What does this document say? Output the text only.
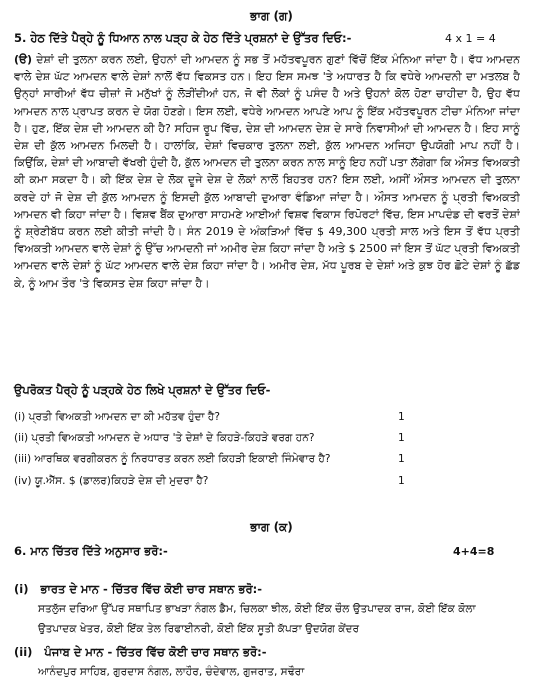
ਭਾਗ (ਗ)
5. ਹੇਠ ਦਿੱਤੇ ਪੈਰ੍ਹੇ ਨੂੰ ਧਿਆਨ ਨਾਲ ਪੜ੍ਹ ਕੇ ਹੇਠ ਦਿੱਤੇ ਪ੍ਰਸ਼ਨਾਂ ਦੇ ਉੱਤਰ ਦਿਓ:-	4 x 1 = 4

(ੳ) ਦੇਸ਼ਾਂ ਦੀ ਤੁਲਨਾ ਕਰਨ ਲਈ, ਉਹਨਾਂ ਦੀ ਆਮਦਨ ਨੂੰ ਸਭ ਤੋਂ ਮਹੱਤਵਪੂਰਨ ਗੁਣਾਂ ਵਿੱਚੋਂ ਇੱਕ ਮੰਨਿਆ ਜਾਂਦਾ ਹੈ। ਵੱਧ ਆਮਦਨ ਵਾਲੇ ਦੇਸ਼ ਘੱਟ ਆਮਦਨ ਵਾਲੇ ਦੇਸ਼ਾਂ ਨਾਲੋਂ ਵੱਧ ਵਿਕਸਤ ਹਨ। ਇਹ ਇਸ ਸਮਝ 'ਤੇ ਅਧਾਰਤ ਹੈ ਕਿ ਵਧੇਰੇ ਆਮਦਨੀ ਦਾ ਮਤਲਬ ਹੈ ਉਨ੍ਹਾਂ ਸਾਰੀਆਂ ਵੱਧ ਚੀਜ਼ਾਂ ਜੋ ਮਨੁੱਖਾਂ ਨੂੰ ਲੋੜੀਂਦੀਆਂ ਹਨ, ਜੋ ਵੀ ਲੋਕਾਂ ਨੂੰ ਪਸੰਦ ਹੈ ਅਤੇ ਉਹਨਾਂ ਕੋਲ ਹੋਣਾ ਚਾਹੀਦਾ ਹੈ, ਉਹ ਵੱਧ ਆਮਦਨ ਨਾਲ ਪ੍ਰਾਪਤ ਕਰਨ ਦੇ ਯੋਗ ਹੋਣਗੇ। ਇਸ ਲਈ, ਵਧੇਰੇ ਆਮਦਨ ਆਪਣੇ ਆਪ ਨੂੰ ਇੱਕ ਮਹੱਤਵਪੂਰਨ ਟੀਚਾ ਮੰਨਿਆ ਜਾਂਦਾ ਹੈ। ਹੁਣ, ਇੱਕ ਦੇਸ਼ ਦੀ ਆਮਦਨ ਕੀ ਹੈ? ਸਹਿਜ ਰੂਪ ਵਿੱਚ, ਦੇਸ਼ ਦੀ ਆਮਦਨ ਦੇਸ਼ ਦੇ ਸਾਰੇ ਨਿਵਾਸੀਆਂ ਦੀ ਆਮਦਨ ਹੈ। ਇਹ ਸਾਨੂੰ ਦੇਸ਼ ਦੀ ਕੁੱਲ ਆਮਦਨ ਮਿਲਦੀ ਹੈ। ਹਾਲਾਂਕਿ, ਦੇਸ਼ਾਂ ਵਿਚਕਾਰ ਤੁਲਨਾ ਲਈ, ਕੁੱਲ ਆਮਦਨ ਅਜਿਹਾ ਉਪਯੋਗੀ ਮਾਪ ਨਹੀਂ ਹੈ। ਕਿਉਂਕਿ, ਦੇਸ਼ਾਂ ਦੀ ਆਬਾਦੀ ਵੱਖਰੀ ਹੁੰਦੀ ਹੈ, ਕੁੱਲ ਆਮਦਨ ਦੀ ਤੁਲਨਾ ਕਰਨ ਨਾਲ ਸਾਨੂੰ ਇਹ ਨਹੀਂ ਪਤਾ ਲੱਗੇਗਾ ਕਿ ਔਸਤ ਵਿਅਕਤੀ ਕੀ ਕਮਾ ਸਕਦਾ ਹੈ। ਕੀ ਇੱਕ ਦੇਸ਼ ਦੇ ਲੋਕ ਦੂਜੇ ਦੇਸ਼ ਦੇ ਲੋਕਾਂ ਨਾਲੋਂ ਬਿਹਤਰ ਹਨ? ਇਸ ਲਈ, ਅਸੀਂ ਔਸਤ ਆਮਦਨ ਦੀ ਤੁਲਨਾ ਕਰਦੇ ਹਾਂ ਜੋ ਦੇਸ਼ ਦੀ ਕੁੱਲ ਆਮਦਨ ਨੂੰ ਇਸਦੀ ਕੁੱਲ ਆਬਾਦੀ ਦੁਆਰਾ ਵੰਡਿਆ ਜਾਂਦਾ ਹੈ। ਔਸਤ ਆਮਦਨ ਨੂੰ ਪ੍ਰਤੀ ਵਿਅਕਤੀ ਆਮਦਨ ਵੀ ਕਿਹਾ ਜਾਂਦਾ ਹੈ। ਵਿਸ਼ਵ ਬੈਂਕ ਦੁਆਰਾ ਸਾਹਮਣੇ ਆਈਆਂ ਵਿਸ਼ਵ ਵਿਕਾਸ ਰਿਪੋਰਟਾਂ ਵਿੱਚ, ਇਸ ਮਾਪਦੰਡ ਦੀ ਵਰਤੋਂ ਦੇਸ਼ਾਂ ਨੂੰ ਸ਼੍ਰੇਣੀਬੱਧ ਕਰਨ ਲਈ ਕੀਤੀ ਜਾਂਦੀ ਹੈ। ਸੰਨ 2019 ਦੇ ਅੰਕੜਿਆਂ ਵਿੱਚ $ 49,300 ਪ੍ਰਤੀ ਸਾਲ ਅਤੇ ਇਸ ਤੋਂ ਵੱਧ ਪ੍ਰਤੀ ਵਿਅਕਤੀ ਆਮਦਨ ਵਾਲੇ ਦੇਸ਼ਾਂ ਨੂੰ ਉੱਚ ਆਮਦਨੀ ਜਾਂ ਅਮੀਰ ਦੇਸ਼ ਕਿਹਾ ਜਾਂਦਾ ਹੈ ਅਤੇ $ 2500 ਜਾਂ ਇਸ ਤੋਂ ਘੱਟ ਪ੍ਰਤੀ ਵਿਅਕਤੀ ਆਮਦਨ ਵਾਲੇ ਦੇਸ਼ਾਂ ਨੂੰ ਘੱਟ ਆਮਦਨ ਵਾਲੇ ਦੇਸ਼ ਕਿਹਾ ਜਾਂਦਾ ਹੈ। ਅਮੀਰ ਦੇਸ਼, ਮੱਧ ਪੂਰਬ ਦੇ ਦੇਸ਼ਾਂ ਅਤੇ ਕੁਝ ਹੋਰ ਛੋਟੇ ਦੇਸ਼ਾਂ ਨੂੰ ਛੱਡ ਕੇ, ਨੂੰ ਆਮ ਤੌਰ 'ਤੇ ਵਿਕਸਤ ਦੇਸ਼ ਕਿਹਾ ਜਾਂਦਾ ਹੈ।

ਉਪਰੋਕਤ ਪੈਰ੍ਹੇ ਨੂੰ ਪੜ੍ਹਕੇ ਹੇਠ ਲਿਖੇ ਪ੍ਰਸ਼ਨਾਂ ਦੇ ਉੱਤਰ ਦਿਓ-
(i) ਪ੍ਰਤੀ ਵਿਅਕਤੀ ਆਮਦਨ ਦਾ ਕੀ ਮਹੱਤਵ ਹੁੰਦਾ ਹੈ?	1
(ii) ਪ੍ਰਤੀ ਵਿਅਕਤੀ ਆਮਦਨ ਦੇ ਅਧਾਰ 'ਤੇ ਦੇਸ਼ਾਂ ਦੇ ਕਿਹੜੇ-ਕਿਹੜੇ ਵਰਗ ਹਨ?	1
(iii) ਆਰਥਿਕ ਵਰਗੀਕਰਨ ਨੂੰ ਨਿਰਧਾਰਤ ਕਰਨ ਲਈ ਕਿਹੜੀ ਇਕਾਈ ਜਿੰਮੇਵਾਰ ਹੈ?	1
(iv) ਯੂ.ਐੱਸ. $ (ਡਾਲਰ)ਕਿਹੜੇ ਦੇਸ਼ ਦੀ ਮੁਦਰਾ ਹੈ?	1
ਭਾਗ (ਕ)
6. ਮਾਨ ਚਿੱਤਰ ਦਿੱਤੇ ਅਨੁਸਾਰ ਭਰੋ:-	4+4=8
(i) ਭਾਰਤ ਦੇ ਮਾਨ - ਚਿੱਤਰ ਵਿੱਚ ਕੋਈ ਚਾਰ ਸਥਾਨ ਭਰੋ:-
ਸਤਲੁੱਜ ਦਰਿਆ ਉੱਪਰ ਸਥਾਪਿਤ ਭਾਖੜਾ ਨੰਗਲ ਡੈਮ, ਚਿਲਕਾ ਝੀਲ, ਕੋਈ ਇੱਕ ਚੌਲ ਉਤਪਾਦਕ ਰਾਜ, ਕੋਈ ਇੱਕ ਕੋਲਾ
ਉਤਪਾਦਕ ਖੇਤਰ, ਕੋਈ ਇੱਕ ਤੇਲ ਰਿਫਾਈਨਰੀ, ਕੋਈ ਇੱਕ ਸੂਤੀ ਕੱਪੜਾ ਉਦਯੋਗ ਕੇਂਦਰ
(ii) ਪੰਜਾਬ ਦੇ ਮਾਨ - ਚਿੱਤਰ ਵਿੱਚ ਕੋਈ ਚਾਰ ਸਥਾਨ ਭਰੋ:-
ਆਨੰਦਪੁਰ ਸਾਹਿਬ, ਗੁਰਦਾਸ ਨੰਗਲ, ਲਾਹੌਰ, ਚੰਦੇਵਾਲ, ਗੁਜਰਾਤ, ਸਢੌਰਾ
